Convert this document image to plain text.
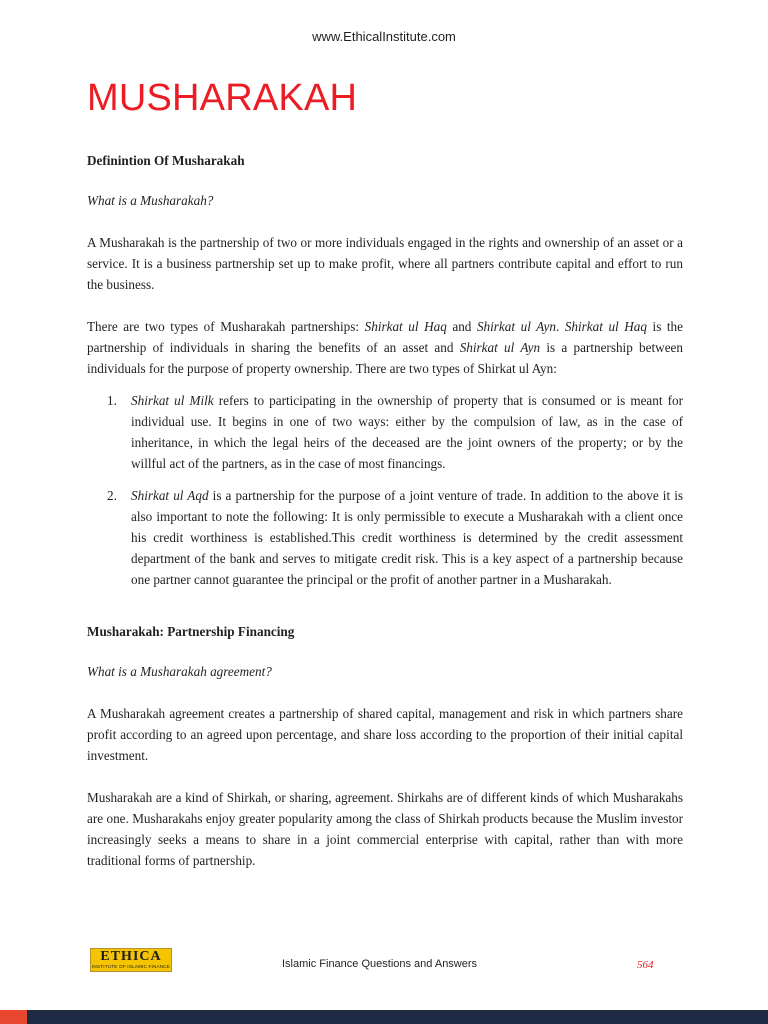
www.EthicalInstitute.com
MUSHARAKAH

Definintion Of Musharakah

What is a Musharakah?

A Musharakah is the partnership of two or more individuals engaged in the rights and ownership of an asset or a service. It is a business partnership set up to make profit, where all partners contribute capital and effort to run the business.

There are two types of Musharakah partnerships: Shirkat ul Haq and Shirkat ul Ayn. Shirkat ul Haq is the partnership of individuals in sharing the benefits of an asset and Shirkat ul Ayn is a partnership between individuals for the purpose of property ownership. There are two types of Shirkat ul Ayn:

1. Shirkat ul Milk refers to participating in the ownership of property that is consumed or is meant for individual use. It begins in one of two ways: either by the compulsion of law, as in the case of inheritance, in which the legal heirs of the deceased are the joint owners of the property; or by the willful act of the partners, as in the case of most financings.
2. Shirkat ul Aqd is a partnership for the purpose of a joint venture of trade. In addition to the above it is also important to note the following: It is only permissible to execute a Musharakah with a client once his credit worthiness is established.This credit worthiness is determined by the credit assessment department of the bank and serves to mitigate credit risk. This is a key aspect of a partnership because one partner cannot guarantee the principal or the profit of another partner in a Musharakah.

Musharakah: Partnership Financing

What is a Musharakah agreement?

A Musharakah agreement creates a partnership of shared capital, management and risk in which partners share profit according to an agreed upon percentage, and share loss according to the proportion of their initial capital investment.

Musharakah are a kind of Shirkah, or sharing, agreement. Shirkahs are of different kinds of which Musharakahs are one. Musharakahs enjoy greater popularity among the class of Shirkah products because the Muslim investor increasingly seeks a means to share in a joint commercial enterprise with capital, rather than with more traditional forms of partnership.

ETHICA
INSTITUTE OF ISLAMIC FINANCE	Islamic Finance Questions and Answers	564
